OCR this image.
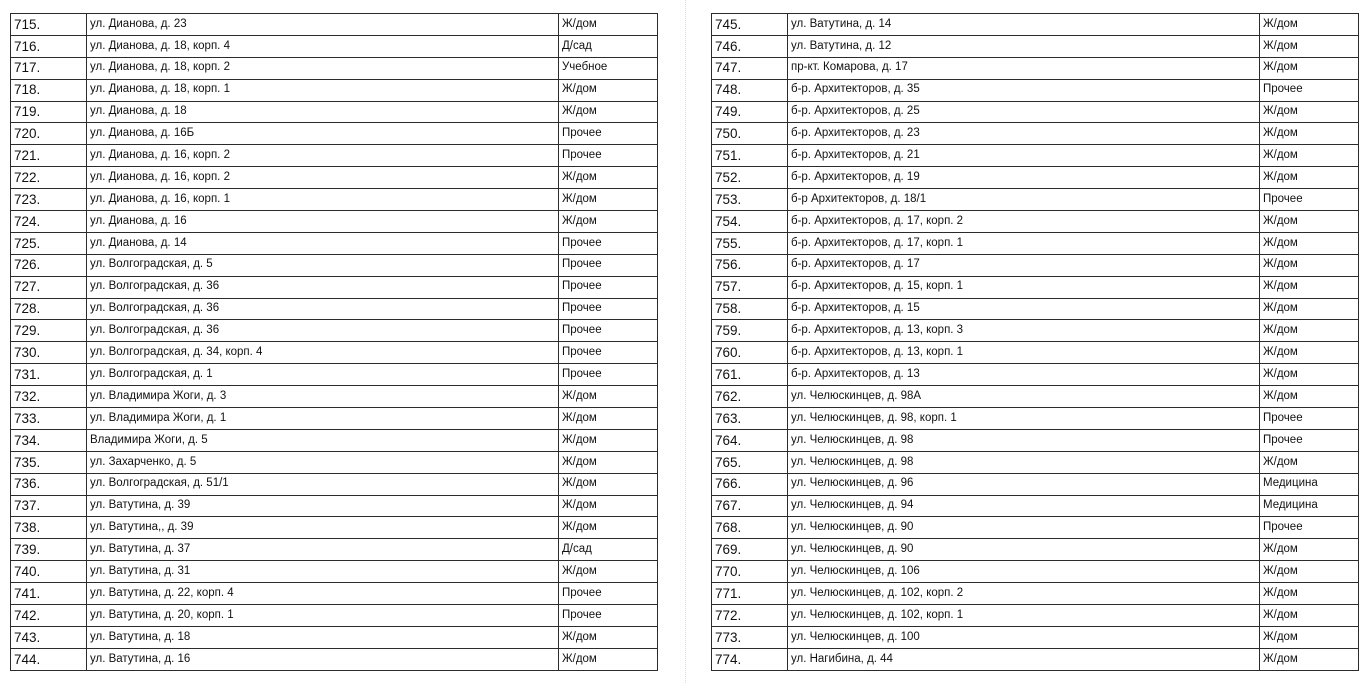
715.	ул. Дианова, д. 23	Ж/дом
716.	ул. Дианова, д. 18, корп. 4	Д/сад
717.	ул. Дианова, д. 18, корп. 2	Учебное
718.	ул. Дианова, д. 18, корп. 1	Ж/дом
719.	ул. Дианова, д. 18	Ж/дом
720.	ул. Дианова, д. 16Б	Прочее
721.	ул. Дианова, д. 16, корп. 2	Прочее
722.	ул. Дианова, д. 16, корп. 2	Ж/дом
723.	ул. Дианова, д. 16, корп. 1	Ж/дом
724.	ул. Дианова, д. 16	Ж/дом
725.	ул. Дианова, д. 14	Прочее
726.	ул. Волгоградская, д. 5	Прочее
727.	ул. Волгоградская, д. 36	Прочее
728.	ул. Волгоградская, д. 36	Прочее
729.	ул. Волгоградская, д. 36	Прочее
730.	ул. Волгоградская, д. 34, корп. 4	Прочее
731.	ул. Волгоградская, д. 1	Прочее
732.	ул. Владимира Жоги, д. 3	Ж/дом
733.	ул. Владимира Жоги, д. 1	Ж/дом
734.	Владимира Жоги, д. 5	Ж/дом
735.	ул. Захарченко, д. 5	Ж/дом
736.	ул. Волгоградская, д. 51/1	Ж/дом
737.	ул. Ватутина, д. 39	Ж/дом
738.	ул. Ватутина,, д. 39	Ж/дом
739.	ул. Ватутина, д. 37	Д/сад
740.	ул. Ватутина, д. 31	Ж/дом
741.	ул. Ватутина, д. 22, корп. 4	Прочее
742.	ул. Ватутина, д. 20, корп. 1	Прочее
743.	ул. Ватутина, д. 18	Ж/дом
744.	ул. Ватутина, д. 16	Ж/дом
745.	ул. Ватутина, д. 14	Ж/дом
746.	ул. Ватутина, д. 12	Ж/дом
747.	пр-кт. Комарова, д. 17	Ж/дом
748.	б-р. Архитекторов, д. 35	Прочее
749.	б-р. Архитекторов, д. 25	Ж/дом
750.	б-р. Архитекторов, д. 23	Ж/дом
751.	б-р. Архитекторов, д. 21	Ж/дом
752.	б-р. Архитекторов, д. 19	Ж/дом
753.	б-р Архитекторов, д. 18/1	Прочее
754.	б-р. Архитекторов, д. 17, корп. 2	Ж/дом
755.	б-р. Архитекторов, д. 17, корп. 1	Ж/дом
756.	б-р. Архитекторов, д. 17	Ж/дом
757.	б-р. Архитекторов, д. 15, корп. 1	Ж/дом
758.	б-р. Архитекторов, д. 15	Ж/дом
759.	б-р. Архитекторов, д. 13, корп. 3	Ж/дом
760.	б-р. Архитекторов, д. 13, корп. 1	Ж/дом
761.	б-р. Архитекторов, д. 13	Ж/дом
762.	ул. Челюскинцев, д. 98А	Ж/дом
763.	ул. Челюскинцев, д. 98, корп. 1	Прочее
764.	ул. Челюскинцев, д. 98	Прочее
765.	ул. Челюскинцев, д. 98	Ж/дом
766.	ул. Челюскинцев, д. 96	Медицина
767.	ул. Челюскинцев, д. 94	Медицина
768.	ул. Челюскинцев, д. 90	Прочее
769.	ул. Челюскинцев, д. 90	Ж/дом
770.	ул. Челюскинцев, д. 106	Ж/дом
771.	ул. Челюскинцев, д. 102, корп. 2	Ж/дом
772.	ул. Челюскинцев, д. 102, корп. 1	Ж/дом
773.	ул. Челюскинцев, д. 100	Ж/дом
774.	ул. Нагибина, д. 44	Ж/дом
